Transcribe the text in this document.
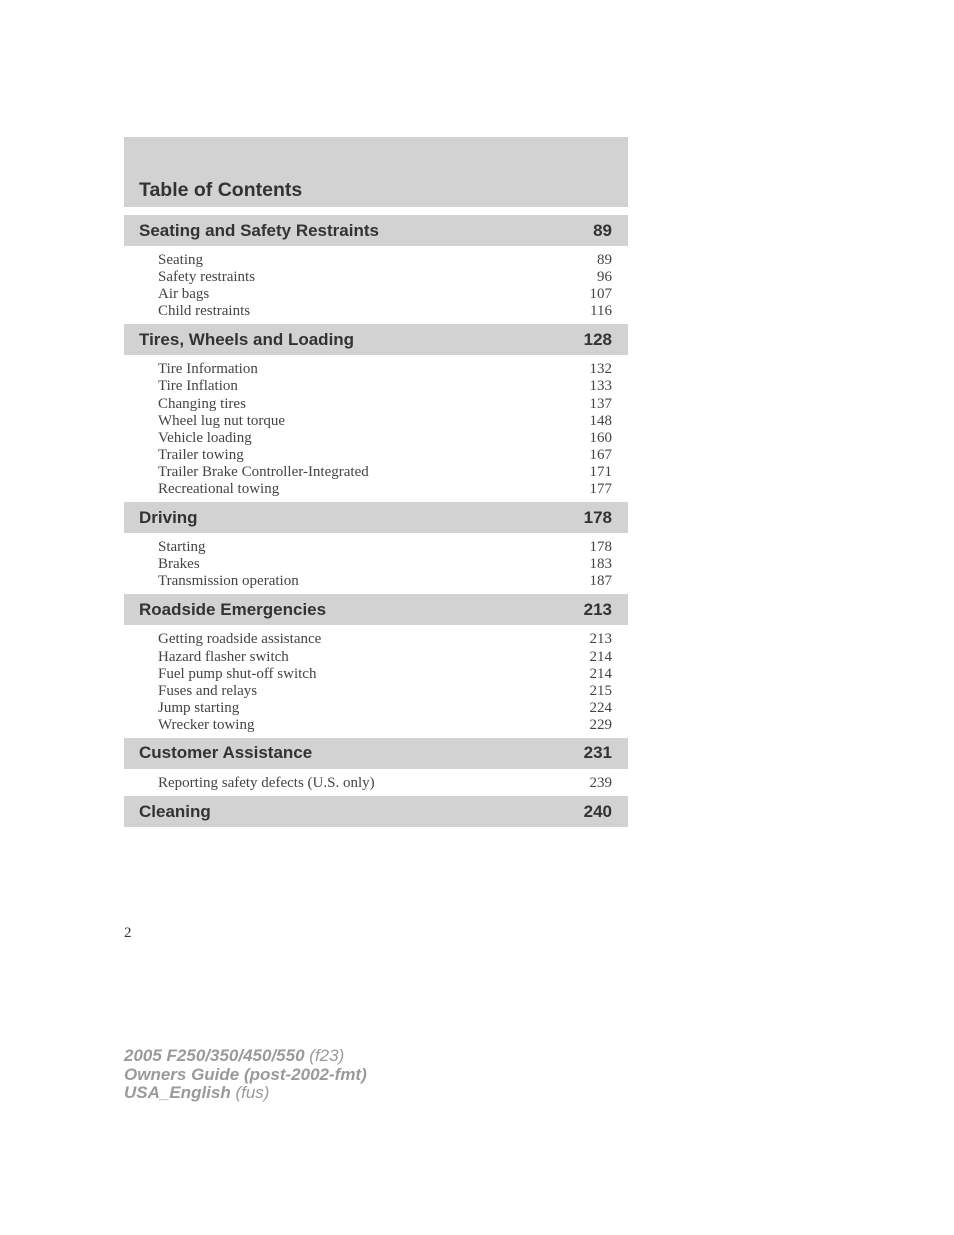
Table of Contents
Seating and Safety Restraints	89
Seating	89
Safety restraints	96
Air bags	107
Child restraints	116
Tires, Wheels and Loading	128
Tire Information	132
Tire Inflation	133
Changing tires	137
Wheel lug nut torque	148
Vehicle loading	160
Trailer towing	167
Trailer Brake Controller-Integrated	171
Recreational towing	177
Driving	178
Starting	178
Brakes	183
Transmission operation	187
Roadside Emergencies	213
Getting roadside assistance	213
Hazard flasher switch	214
Fuel pump shut-off switch	214
Fuses and relays	215
Jump starting	224
Wrecker towing	229
Customer Assistance	231
Reporting safety defects (U.S. only)	239
Cleaning	240
2
2005 F250/350/450/550 (f23)
Owners Guide (post-2002-fmt)
USA_English (fus)
